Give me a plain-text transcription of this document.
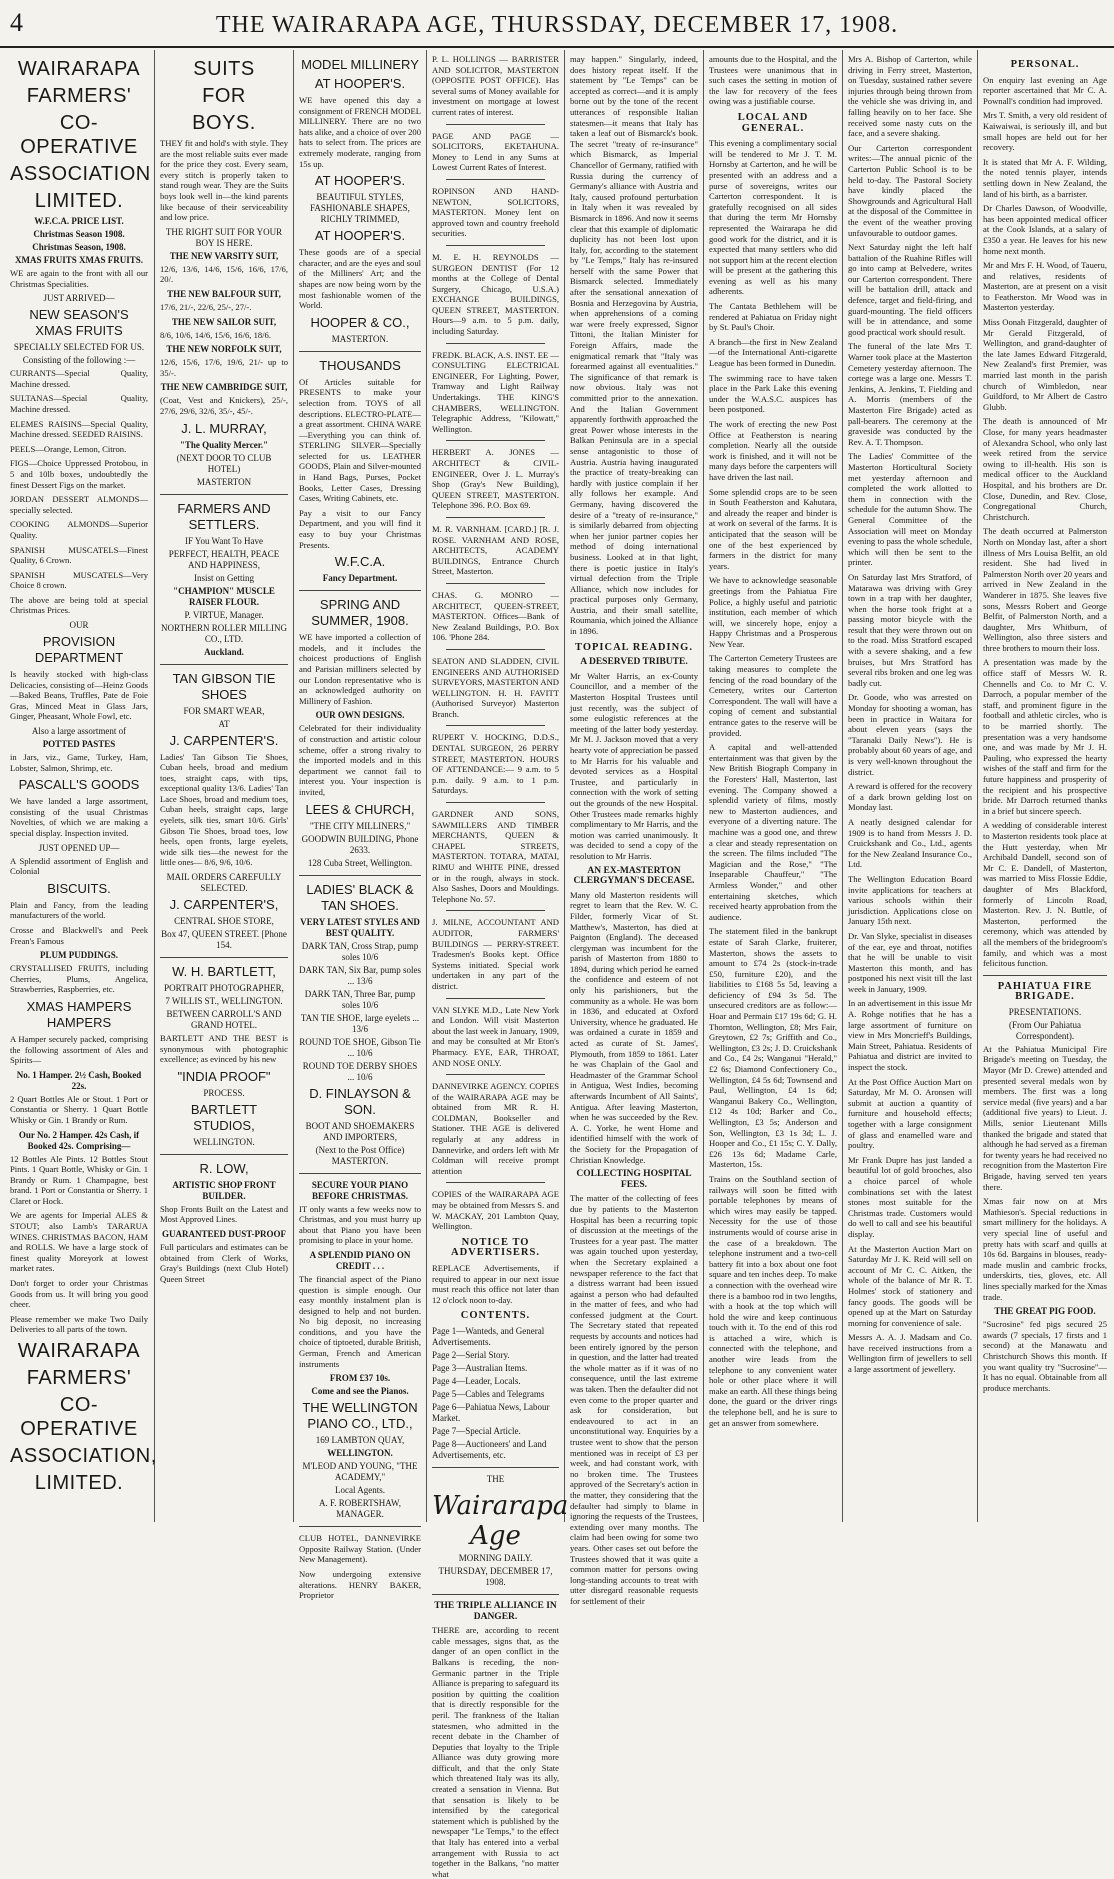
4	THE WAIRARAPA AGE, THURSSDAY, DECEMBER 17, 1908.
WAIRARAPA
FARMERS'
CO-OPERATIVE
ASSOCIATION
LIMITED.
W.F.C.A. PRICE LIST.
Christmas Season 1908.
Christmas Season, 1908.
XMAS FRUITS XMAS FRUITS.

WE are again to the front with all our Christmas Specialities.

JUST ARRIVED—
NEW SEASON'S XMAS FRUITS
SPECIALLY SELECTED FOR US.
Consisting of the following :—

CURRANTS—Special Quality, Machine dressed.

SULTANAS—Special Quality, Machine dressed.

ELEMES RAISINS—Special Quality, Machine dressed. SEEDED RAISINS.

PEELS—Orange, Lemon, Citron.

FIGS—Choice Uppressed Protobou, in 5 and 10lb boxes, undoubtedly the finest Dessert Figs on the market.

JORDAN DESSERT ALMONDS—specially selected.

COOKING ALMONDS—Superior Quality.

SPANISH MUSCATELS—Finest Quality, 6 Crown.

SPANISH MUSCATELS—Very Choice 8 crown.

The above are being told at special Christmas Prices.

OUR
PROVISION DEPARTMENT

Is heavily stocked with high-class Delicacies, consisting of—Heinz Goods—Baked Beans, Truffles, Pate de Foie Gras, Minced Meat in Glass Jars, Ginger, Pheasant, Whole Fowl, etc.

Also a large assortment of
POTTED PASTES

in Jars, viz., Game, Turkey, Ham, Lobster, Salmon, Shrimp, etc.

PASCALL'S GOODS

We have landed a large assortment, consisting of the usual Christmas Novelties, of which we are making a special display. Inspection invited.

JUST OPENED UP—

A Splendid assortment of English and Colonial

BISCUITS.

Plain and Fancy, from the leading manufacturers of the world.

Crosse and Blackwell's and Peek Frean's Famous

PLUM PUDDINGS.

CRYSTALLISED FRUITS, including Cherries, Plums, Angelica, Strawberries, Raspberries, etc.

XMAS HAMPERS HAMPERS

A Hamper securely packed, comprising the following assortment of Ales and Spirits—

No. 1 Hamper. 2½ Cash, Booked 22s.

2 Quart Bottles Ale or Stout. 1 Port or Constantia or Sherry. 1 Quart Bottle Whisky or Gin. 1 Brandy or Rum.

Our No. 2 Hamper. 42s Cash, if Booked 42s. Comprising—

12 Bottles Ale Pints. 12 Bottles Stout Pints. 1 Quart Bottle, Whisky or Gin. 1 Brandy or Rum. 1 Champagne, best brand. 1 Port or Constantia or Sherry. 1 Claret or Hock.

We are agents for Imperial ALES & STOUT; also Lamb's TARARUA WINES. CHRISTMAS BACON, HAM and ROLLS. We have a large stock of finest quality Moreyork at lowest market rates.

Don't forget to order your Christmas Goods from us. It will bring you good cheer.

Please remember we make Two Daily Deliveries to all parts of the town.

WAIRARAPA
FARMERS'
CO-OPERATIVE
ASSOCIATION,
LIMITED.
SUITS
FOR
BOYS.

THEY fit and hold's with style. They are the most reliable suits ever made for the price they cost. Every seam, every stitch is properly taken to stand rough wear. They are the Suits boys look well in—the kind parents like because of their serviceability and low price.

THE RIGHT SUIT FOR YOUR BOY IS HERE.
THE NEW VARSITY SUIT,

12/6, 13/6, 14/6, 15/6, 16/6, 17/6, 20/.

THE NEW BALFOUR SUIT,

17/6, 21/-, 22/6, 25/-, 27/-.

THE NEW SAILOR SUIT,

8/6, 10/6, 14/6, 15/6, 16/6, 18/6.

THE NEW NORFOLK SUIT,

12/6, 15/6, 17/6, 19/6, 21/- up to 35/-.

THE NEW CAMBRIDGE SUIT,

(Coat, Vest and Knickers), 25/-, 27/6, 29/6, 32/6, 35/-, 45/-.

J. L. MURRAY,
"The Quality Mercer."
(NEXT DOOR TO CLUB HOTEL)
MASTERTON
FARMERS AND SETTLERS.
IF You Want To Have
PERFECT, HEALTH, PEACE AND HAPPINESS,
Insist on Getting
"CHAMPION" MUSCLE RAISER FLOUR.
P. VIRTUE, Manager.
NORTHERN ROLLER MILLING CO., LTD.
Auckland.
TAN GIBSON TIE SHOES
FOR SMART WEAR,
AT
J. CARPENTER'S.

Ladies' Tan Gibson Tie Shoes, Cuban heels, broad and medium toes, straight caps, with tips, exceptional quality 13/6. Ladies' Tan Lace Shoes, broad and medium toes, Cuban heels, straight caps, large eyelets, silk ties, smart 10/6. Girls' Gibson Tie Shoes, broad toes, low heels, open fronts, large eyelets, wide silk ties—the newest for the little ones— 8/6, 9/6, 10/6.

MAIL ORDERS CAREFULLY SELECTED.
J. CARPENTER'S,
CENTRAL SHOE STORE,
Box 47, QUEEN STREET. [Phone 154.
W. H. BARTLETT,
PORTRAIT PHOTOGRAPHER,
7 WILLIS ST., WELLINGTON.
BETWEEN CARROLL'S AND GRAND HOTEL.

BARTLETT AND THE BEST is synonymous with photographic excellence; as evinced by his new

"INDIA PROOF"
PROCESS.
BARTLETT STUDIOS,
WELLINGTON.
R. LOW,
ARTISTIC SHOP FRONT BUILDER.

Shop Fronts Built on the Latest and Most Approved Lines.

GUARANTEED DUST-PROOF

Full particulars and estimates can be obtained from Clerk of Works, Gray's Buildings (next Club Hotel) Queen Street

MODEL MILLINERY
AT HOOPER'S.

WE have opened this day a consignment of FRENCH MODEL MILLINERY. There are no two hats alike, and a choice of over 200 hats to select from. The prices are extremely moderate, ranging from 15s up.

AT HOOPER'S.
BEAUTIFUL STYLES, FASHIONABLE SHAPES, RICHLY TRIMMED,
AT HOOPER'S.

These goods are of a special character, and are the eyes and soul of the Milliners' Art; and the shapes are now being worn by the most fashionable women of the World.

HOOPER & CO.,
MASTERTON.
THOUSANDS

Of Articles suitable for PRESENTS to make your selection from. TOYS of all descriptions. ELECTRO-PLATE—a great assortment. CHINA WARE—Everything you can think of. STERLING SILVER—Specially selected for us. LEATHER GOODS, Plain and Silver-mounted in Hand Bags, Purses, Pocket Books, Letter Cases, Dressing Cases, Writing Cabinets, etc.

Pay a visit to our Fancy Department, and you will find it easy to buy your Christmas Presents.

W.F.C.A.
Fancy Department.
SPRING AND SUMMER, 1908.

WE have imported a collection of models, and it includes the choicest productions of English and Parisian milliners selected by our London representative who is an acknowledged authority on Millinery of Fashion.

OUR OWN DESIGNS.

Celebrated for their individuality of construction and artistic colour scheme, offer a strong rivalry to the imported models and in this department we cannot fail to interest you. Your inspection is invited,

LEES & CHURCH,
"THE CITY MILLINERS,"
GOODWIN BUILDING, Phone 2633.
128 Cuba Street, Wellington.
LADIES' BLACK & TAN SHOES.
VERY LATEST STYLES AND BEST QUALITY.
DARK TAN, Cross Strap, pump soles 10/6
DARK TAN, Six Bar, pump soles ... 13/6
DARK TAN, Three Bar, pump soles 10/6
TAN TIE SHOE, large eyelets ... 13/6
ROUND TOE SHOE, Gibson Tie ... 10/6
ROUND TOE DERBY SHOES ... 10/6
D. FINLAYSON & SON.
BOOT AND SHOEMAKERS AND IMPORTERS,
(Next to the Post Office) MASTERTON.
SECURE YOUR PIANO BEFORE CHRISTMAS.

IT only wants a few weeks now to Christmas, and you must hurry up about that Piano you have been promising to place in your home.

A SPLENDID PIANO ON CREDIT . . .

The financial aspect of the Piano question is simple enough. Our easy monthly instalment plan is designed to help and not burden. No big deposit, no increasing conditions, and you have the choice of tiptoeted, durable British, German, French and American instruments

FROM £37 10s.
Come and see the Pianos.
THE WELLINGTON PIANO CO., LTD.,
169 LAMBTON QUAY,
WELLINGTON.
M'LEOD AND YOUNG, "THE ACADEMY,"
Local Agents.
A. F. ROBERTSHAW, MANAGER.

CLUB HOTEL, DANNEVIRKE Opposite Railway Station. (Under New Management).

Now undergoing extensive alterations. HENRY BAKER, Proprietor

P. L. HOLLINGS — BARRISTER AND SOLICITOR, MASTERTON (OPPOSITE POST OFFICE). Has several sums of Money available for investment on mortgage at lowest current rates of interest.

PAGE AND PAGE — SOLICITORS, EKETAHUNA. Money to Lend in any Sums at Lowest Current Rates of Interest.

ROPINSON AND HAND-NEWTON, SOLICITORS, MASTERTON. Money lent on approved town and country freehold securities.

M. E. H. REYNOLDS — SURGEON DENTIST (For 12 months at the College of Dental Surgery, Chicago, U.S.A.) EXCHANGE BUILDINGS, QUEEN STREET, MASTERTON. Hours—9 a.m. to 5 p.m. daily, including Saturday.

FREDK. BLACK, A.S. INST. EE — CONSULTING ELECTRICAL ENGINEER, For Lighting, Power, Tramway and Light Railway Undertakings. THE KING'S CHAMBERS, WELLINGTON. Telegraphic Address, "Kilowatt," Wellington.

HERBERT A. JONES — ARCHITECT & CIVIL-ENGINEER, Over J. L. Murray's Shop (Gray's New Building), QUEEN STREET, MASTERTON. Telephone 396. P.O. Box 69.

M. R. VARNHAM. [CARD.] [R. J. ROSE. VARNHAM AND ROSE, ARCHITECTS, ACADEMY BUILDINGS, Entrance Church Street, Masterton.

CHAS. G. MONRO — ARCHITECT, QUEEN-STREET, MASTERTON. Offices—Bank of New Zealand Buildings, P.O. Box 106. 'Phone 284.

SEATON AND SLADDEN, CIVIL ENGINEERS AND AUTHORISED SURVEYORS, MASTERTON AND WELLINGTON. H. H. FAVITT (Authorised Surveyor) Masterton Branch.

RUPERT V. HOCKING, D.D.S., DENTAL SURGEON, 26 PERRY STREET, MASTERTON. HOURS OF ATTENDANCE:— 9 a.m. to 5 p.m. daily. 9 a.m. to 1 p.m. Saturdays.

GARDNER AND SONS, SAWMILLERS AND TIMBER MERCHANTS, QUEEN & CHAPEL STREETS, MASTERTON. TOTARA, MATAI, RIMU and WHITE PINE, dressed or in the rough, always in stock. Also Sashes, Doors and Mouldings. Telephone No. 57.

J. MILNE, ACCOUNTANT AND AUDITOR, FARMERS' BUILDINGS — PERRY-STREET. Tradesmen's Books kept. Office Systems initiated. Special work undertaken in any part of the district.

VAN SLYKE M.D., Late New York and London. Will visit Masterton about the last week in January, 1909, and may be consulted at Mr Eton's Pharmacy. EYE, EAR, THROAT, AND NOSE ONLY.

DANNEVIRKE AGENCY. COPIES of the WAIRARAPA AGE may be obtained from MR R. H. COLDMAN, Bookseller and Stationer. THE AGE is delivered regularly at any address in Dannevirke, and orders left with Mr Coldman will receive prompt attention

COPIES of the WAIRARAPA AGE may be obtained from Messrs S. and W. MACKAY, 201 Lambton Quay, Wellington.

NOTICE TO ADVERTISERS.

REPLACE Advertisements, if required to appear in our next issue must reach this office not later than 12 o'clock noon to-day.

CONTENTS.
Page 1—Wanteds, and General Advertisements.
Page 2—Serial Story.
Page 3—Australian Items.
Page 4—Leader, Locals.
Page 5—Cables and Telegrams
Page 6—Pahiatua News, Labour Market.
Page 7—Special Article.
Page 8—Auctioneers' and Land Advertisements, etc.
THE
Wairarapa Age
MORNING DAILY.
THURSDAY, DECEMBER 17, 1908.
THE TRIPLE ALLIANCE IN DANGER.

THERE are, according to recent cable messages, signs that, as the danger of an open conflict in the Balkans is receding, the non-Germanic partner in the Triple Alliance is preparing to safeguard its position by quitting the coalition that is directly responsible for the peril. The frankness of the Italian statesmen, who admitted in the recent debate in the Chamber of Deputies that loyalty to the Triple Alliance was duty growing more difficult, and that the only State which threatened Italy was its ally, created a sensation in Vienna. But that sensation is likely to be intensified by the categorical statement which is published by the newspaper "Le Temps," to the effect that Italy has entered into a verbal arrangement with Russia to act together in the Balkans, "no matter what

may happen." Singularly, indeed, does history repeat itself. If the statement by "Le Temps" can be accepted as correct—and it is amply borne out by the tone of the recent utterances of responsible Italian statesmen—it means that Italy has taken a leaf out of Bismarck's book. The secret "treaty of re-insurance" which Bismarck, as Imperial Chancellor of Germany, ratified with Russia during the currency of Germany's alliance with Austria and Italy, caused profound perturbation in Italy when it was revealed by Bismarck in 1896. And now it seems clear that this example of diplomatic duplicity has not been lost upon Italy, for, according to the statement by "Le Temps," Italy has re-insured herself with the same Power that Bismarck selected. Immediately after the sensational annexation of Bosnia and Herzegovina by Austria, when apprehensions of a coming war were freely expressed, Signor Tittoni, the Italian Minister for Foreign Affairs, made the enigmatical remark that "Italy was forearmed against all eventualities." The significance of that remark is now obvious. Italy was not committed prior to the annexation. And the Italian Government apparently forthwith approached the great Power whose interests in the Balkan Peninsula are in a special sense antagonistic to those of Austria. Austria having inaugurated the practice of treaty-breaking can hardly with justice complain if her ally follows her example. And Germany, having discovered the desire of a "treaty of re-insurance," is similarly debarred from objecting when her junior partner copies her method of doing international business. Looked at in that light, there is poetic justice in Italy's virtual defection from the Triple Alliance, which now includes for practical purposes only Germany, Austria, and their small satellite, Roumania, which joined the Alliance in 1896.

TOPICAL READING.
A DESERVED TRIBUTE.

Mr Walter Harris, an ex-County Councillor, and a member of the Masterton Hospital Trustees until just recently, was the subject of some eulogistic references at the meeting of the latter body yesterday. Mr M. J. Jackson moved that a very hearty vote of appreciation be passed to Mr Harris for his valuable and devoted services as a Hospital Trustee, and particularly in connection with the work of setting out the grounds of the new Hospital. Other Trustees made remarks highly complimentary to Mr Harris, and the motion was carried unanimously. It was decided to send a copy of the resolution to Mr Harris.

AN EX-MASTERTON CLERGYMAN'S DECEASE.

Many old Masterton residents will regret to learn that the Rev. W. C. Filder, formerly Vicar of St. Matthew's, Masterton, has died at Paignton (England). The deceased clergyman was incumbent for the parish of Masterton from 1880 to 1894, during which period he earned the confidence and esteem of not only his parishioners, but the community as a whole. He was born in 1836, and educated at Oxford University, whence he graduated. He was ordained a curate in 1859 and acted as curate of St. James', Plymouth, from 1859 to 1861. Later he was Chaplain of the Gaol and Headmaster of the Grammar School in Antigua, West Indies, becoming afterwards Incumbent of All Saints', Antigua. After leaving Masterton, when he was succeeded by the Rev. A. C. Yorke, he went Home and identified himself with the work of the Society for the Propagation of Christian Knowledge.

COLLECTING HOSPITAL FEES.

The matter of the collecting of fees due by patients to the Masterton Hospital has been a recurring topic of discussion at the meetings of the Trustees for a year past. The matter was again touched upon yesterday, when the Secretary explained a newspaper reference to the fact that a distress warrant had been issued against a person who had defaulted in the matter of fees, and who had confessed judgment at the Court. The Secretary stated that repeated requests by accounts and notices had been entirely ignored by the person in question, and the latter had treated the whole matter as if it was of no consequence, until the last extreme was taken. Then the defaulter did not even come to the proper quarter and ask for consideration, but endeavoured to act in an unconstitutional way. Enquiries by a trustee went to show that the person mentioned was in receipt of £3 per week, and had constant work, with no broken time. The Trustees approved of the Secretary's action in the matter, they considering that the defaulter had simply to blame in ignoring the requests of the Trustees, extending over many months. The claim had been owing for some two years. Other cases set out before the Trustees showed that it was quite a common matter for persons owing long-standing accounts to treat with utter disregard reasonable requests for settlement of their

amounts due to the Hospital, and the Trustees were unanimous that in such cases the setting in motion of the law for recovery of the fees owing was a justifiable course.

LOCAL AND GENERAL.

This evening a complimentary social will be tendered to Mr J. T. M. Hornsby at Carterton, and he will be presented with an address and a purse of sovereigns, writes our Carterton correspondent. It is gratefully recognised on all sides that during the term Mr Hornsby represented the Wairarapa he did good work for the district, and it is expected that many settlers who did not support him at the recent election will be present at the gathering this evening as well as his many adherents.

The Cantata Bethlehem will be rendered at Pahiatua on Friday night by St. Paul's Choir.

A branch—the first in New Zealand —of the International Anti-cigarette League has been formed in Dunedin.

The swimming race to have taken place in the Park Lake this evening under the W.A.S.C. auspices has been postponed.

The work of erecting the new Post Office at Featherston is nearing completion. Nearly all the outside work is finished, and it will not be many days before the carpenters will have driven the last nail.

Some splendid crops are to be seen in South Featherston and Kahutara, and already the reaper and binder is at work on several of the farms. It is anticipated that the season will be one of the best experienced by farmers in the district for many years.

We have to acknowledge seasonable greetings from the Pahiatua Fire Police, a highly useful and patriotic institution, each member of which will, we sincerely hope, enjoy a Happy Christmas and a Prosperous New Year.

The Carterton Cemetery Trustees are taking measures to complete the fencing of the road boundary of the Cemetery, writes our Carterton Correspondent. The wall will have a coping of cement and substantial entrance gates to the reserve will be provided.

A capital and well-attended entertainment was that given by the New British Biograph Company in the Foresters' Hall, Masterton, last evening. The Company showed a splendid variety of films, mostly new to Masterton audiences, and everyone of a diverting nature. The machine was a good one, and threw a clear and steady representation on the screen. The films included "The Magician and the Rose," "The Inseparable Chauffeur," "The Armless Wonder," and other entertaining sketches, which received hearty approbation from the audience.

The statement filed in the bankrupt estate of Sarah Clarke, fruiterer, Masterton, shows the assets to amount to £74 2s (stock-in-trade £50, furniture £20), and the liabilities to £168 5s 5d, leaving a deficiency of £94 3s 5d. The unsecured creditors are as follow:—Hoar and Permain £17 19s 6d; G. H. Thornton, Wellington, £8; Mrs Fair, Greytown, £2 7s; Griffith and Co., Wellington, £3 2s; J. D. Cruickshank and Co., £4 2s; Wanganui "Herald," £2 6s; Diamond Confectionery Co., Wellington, £4 5s 6d; Townsend and Paul, Wellington, £4 1s 6d; Wanganui Bakery Co., Wellington, £12 4s 10d; Barker and Co., Wellington, £3 5s; Anderson and Son, Wellington, £3 1s 3d; L. J. Hooper and Co., £1 15s; C. Y. Dally, £26 13s 6d; Madame Carle, Masterton, 15s.

Trains on the Southland section of railways will soon be fitted with portable telephones by means of which wires may easily be tapped. Necessity for the use of those instruments would of course arise in the case of a breakdown. The telephone instrument and a two-cell battery fit into a box about one foot square and ten inches deep. To make a connection with the overhead wire there is a bamboo rod in two lengths, with a hook at the top which will hold the wire and keep continuous touch with it. To the end of this rod is attached a wire, which is connected with the telephone, and another wire leads from the telephone to any convenient water hole or other place where it will make an earth. All these things being done, the guard or the driver rings the telephone bell, and he is sure to get an answer from somewhere.

Mrs A. Bishop of Carterton, while driving in Ferry street, Masterton, on Tuesday, sustained rather severe injuries through being thrown from the vehicle she was driving in, and falling heavily on to her face. She received some nasty cuts on the face, and a severe shaking.

Our Carterton correspondent writes:—The annual picnic of the Carterton Public School is to be held to-day. The Pastoral Society have kindly placed the Showgrounds and Agricultural Hall at the disposal of the Committee in the event of the weather proving unfavourable to outdoor games.

Next Saturday night the left half battalion of the Ruahine Rifles will go into camp at Belvedere, writes our Carterton correspondent. There will be battalion drill, attack and defence, target and field-firing, and guard-mounting. The field officers will be in attendance, and some good practical work should result.

The funeral of the late Mrs T. Warner took place at the Masterton Cemetery yesterday afternoon. The cortege was a large one. Messrs T. Jenkins, A. Jenkins, T. Fielding and A. Morris (members of the Masterton Fire Brigade) acted as pall-bearers. The ceremony at the graveside was conducted by the Rev. A. T. Thompson.

The Ladies' Committee of the Masterton Horticultural Society met yesterday afternoon and completed the work allotted to them in connection with the schedule for the autumn Show. The General Committee of the Association will meet on Monday evening to pass the whole schedule, which will then be sent to the printer.

On Saturday last Mrs Stratford, of Matarawa was driving with Grey town in a trap with her daughter, when the horse took fright at a passing motor bicycle with the result that they were thrown out on to the road. Miss Stratford escaped with a severe shaking, and a few bruises, but Mrs Stratford has several ribs broken and one leg was badly cut.

Dr. Goode, who was arrested on Monday for shooting a woman, has been in practice in Waitara for about eleven years (says the "Taranaki Daily News"). He is probably about 60 years of age, and is very well-known throughout the district.

A reward is offered for the recovery of a dark brown gelding lost on Monday last.

A neatly designed calendar for 1909 is to hand from Messrs J. D. Cruickshank and Co., Ltd., agents for the New Zealand Insurance Co., Ltd.

The Wellington Education Board invite applications for teachers at various schools within their jurisdiction. Applications close on January 15th next.

Dr. Van Slyke, specialist in diseases of the ear, eye and throat, notifies that he will be unable to visit Masterton this month, and has postponed his next visit till the last week in January, 1909.

In an advertisement in this issue Mr A. Rohge notifies that he has a large assortment of furniture on view in Mrs Moncrieff's Buildings, Main Street, Pahiatua. Residents of Pahiatua and district are invited to inspect the stock.

At the Post Office Auction Mart on Saturday, Mr M. O. Aronsen will submit at auction a quantity of furniture and household effects; together with a large consignment of glass and enamelled ware and poultry.

Mr Frank Dupre has just landed a beautiful lot of gold brooches, also a choice parcel of whole combinations set with the latest stones most suitable for the Christmas trade. Customers would do well to call and see his beautiful display.

At the Masterton Auction Mart on Saturday Mr J. K. Reid will sell on account of Mr C. C. Aitken, the whole of the balance of Mr R. T. Holmes' stock of stationery and fancy goods. The goods will be opened up at the Mart on Saturday morning for convenience of sale.

Messrs A. A. J. Madsam and Co. have received instructions from a Wellington firm of jewellers to sell a large assortment of jewellery.

PERSONAL.

On enquiry last evening an Age reporter ascertained that Mr C. A. Pownall's condition had improved.

Mrs T. Smith, a very old resident of Kaiwaiwai, is seriously ill, and but small hopes are held out for her recovery.

It is stated that Mr A. F. Wilding, the noted tennis player, intends settling down in New Zealand, the land of his birth, as a barrister.

Dr Charles Dawson, of Woodville, has been appointed medical officer at the Cook Islands, at a salary of £350 a year. He leaves for his new home next month.

Mr and Mrs F. H. Wood, of Taueru, and relatives, residents of Masterton, are at present on a visit to Featherston. Mr Wood was in Masterton yesterday.

Miss Oonah Fitzgerald, daughter of Mr Gerald Fitzgerald, of Wellington, and grand-daughter of the late James Edward Fitzgerald, New Zealand's first Premier, was married last month in the parish church of Wimbledon, near Guildford, to Mr Albert de Castro Glubb.

The death is announced of Mr Close, for many years headmaster of Alexandra School, who only last week retired from the service owing to ill-health. His son is medical officer to the Auckland Hospital, and his brothers are Dr. Close, Dunedin, and Rev. Close, Congregational Church, Christchurch.

The death occurred at Palmerston North on Monday last, after a short illness of Mrs Louisa Belfit, an old resident. She had lived in Palmerston North over 20 years and arrived in New Zealand in the Wanderer in 1875. She leaves five sons, Messrs Robert and George Belfit, of Palmerston North, and a daughter, Mrs Whitburn, of Wellington, also three sisters and three brothers to mourn their loss.

A presentation was made by the office staff of Messrs W. R. Chennells and Co. to Mr C. V. Darroch, a popular member of the staff, and prominent figure in the football and athletic circles, who is to be married shortly. The presentation was a very handsome one, and was made by Mr J. H. Pauling, who expressed the hearty wishes of the staff and firm for the future happiness and prosperity of the recipient and his prospective bride. Mr Darroch returned thanks in a brief but sincere speech.

A wedding of considerable interest to Masterton residents took place at the Hutt yesterday, when Mr Archibald Dandell, second son of Mr C. E. Dandell, of Masterton, was married to Miss Flossie Eddie, daughter of Mrs Blackford, formerly of Lincoln Road, Masterton. Rev. J. N. Buttle, of Masterton, performed the ceremony, which was attended by all the members of the bridegroom's family, and which was a most felicitous function.

PAHIATUA FIRE BRIGADE.
PRESENTATIONS.
(From Our Pahiatua Correspondent).

At the Pahiatua Municipal Fire Brigade's meeting on Tuesday, the Mayor (Mr D. Crewe) attended and presented several medals won by members. The first was a long service medal (five years) and a bar (additional five years) to Lieut. J. Mills, senior Lieutenant Mills thanked the brigade and stated that although he had served as a fireman for twenty years he had received no recognition from the Masterton Fire Brigade, having served ten years there.

Xmas fair now on at Mrs Mathieson's. Special reductions in smart millinery for the holidays. A very special line of useful and pretty hats with scarf and quills at 10s 6d. Bargains in blouses, ready-made muslin and cambric frocks, underskirts, ties, gloves, etc. All lines specially marked for the Xmas trade.

THE GREAT PIG FOOD.

"Sucrosine" fed pigs secured 25 awards (7 specials, 17 firsts and 1 second) at the Manawatu and Christchurch Shows this month. If you want quality try "Sucrosine"—It has no equal. Obtainable from all produce merchants.
